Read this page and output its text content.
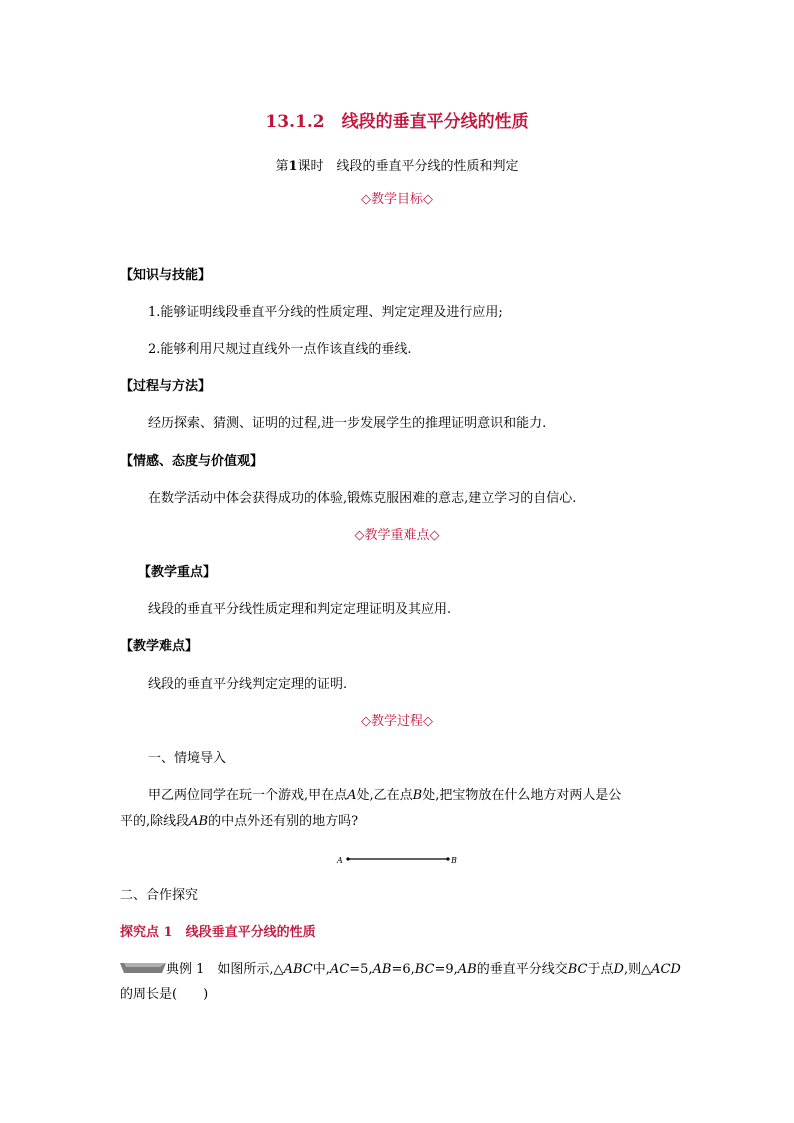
13.1.2　线段的垂直平分线的性质
第1课时　 线段的垂直平分线的性质和判定

◇教学目标◇

【知识与技能】

1.能够证明线段垂直平分线的性质定理、判定定理及进行应用;

2.能够利用尺规过直线外一点作该直线的垂线.

【过程与方法】

经历探索、猜测、证明的过程,进一步发展学生的推理证明意识和能力.

【情感、态度与价值观】

在数学活动中体会获得成功的体验,锻炼克服困难的意志,建立学习的自信心.

◇教学重难点◇

【教学重点】

线段的垂直平分线性质定理和判定定理证明及其应用.

【教学难点】

线段的垂直平分线判定定理的证明.

◇教学过程◇

一、情境导入

甲乙两位同学在玩一个游戏,甲在点A处,乙在点B处,把宝物放在什么地方对两人是公

平的,除线段AB的中点外还有别的地方吗?

A	B

二、合作探究

探究点 1　线段垂直平分线的性质

典例 1　 如图所示,△ABC中,AC=5,AB=6,BC=9,AB的垂直平分线交BC于点D,则△ACD

的周长是(　　)
